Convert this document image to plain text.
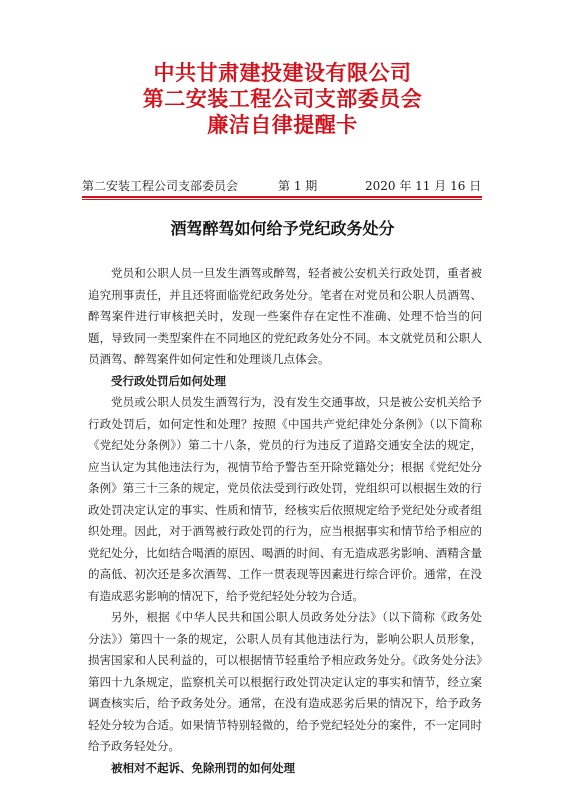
中共甘肃建投建设有限公司
第二安装工程公司支部委员会
廉洁自律提醒卡
第二安装工程公司支部委员会	第 1 期	2020 年 11 月 16 日
酒驾醉驾如何给予党纪政务处分

党员和公职人员一旦发生酒驾或醉驾，轻者被公安机关行政处罚，重者被追究刑事责任，并且还将面临党纪政务处分。笔者在对党员和公职人员酒驾、醉驾案件进行审核把关时，发现一些案件存在定性不准确、处理不恰当的问题，导致同一类型案件在不同地区的党纪政务处分不同。本文就党员和公职人员酒驾、醉驾案件如何定性和处理谈几点体会。

受行政处罚后如何处理

党员或公职人员发生酒驾行为，没有发生交通事故，只是被公安机关给予行政处罚后，如何定性和处理？按照《中国共产党纪律处分条例》（以下简称《党纪处分条例》）第二十八条，党员的行为违反了道路交通安全法的规定，应当认定为其他违法行为，视情节给予警告至开除党籍处分；根据《党纪处分条例》第三十三条的规定，党员依法受到行政处罚，党组织可以根据生效的行政处罚决定认定的事实、性质和情节，经核实后依照规定给予党纪处分或者组织处理。因此，对于酒驾被行政处罚的行为，应当根据事实和情节给予相应的党纪处分，比如结合喝酒的原因、喝酒的时间、有无造成恶劣影响、酒精含量的高低、初次还是多次酒驾、工作一贯表现等因素进行综合评价。通常，在没有造成恶劣影响的情况下，给予党纪轻处分较为合适。

另外，根据《中华人民共和国公职人员政务处分法》（以下简称《政务处分法》）第四十一条的规定，公职人员有其他违法行为，影响公职人员形象，损害国家和人民利益的，可以根据情节轻重给予相应政务处分。《政务处分法》第四十九条规定，监察机关可以根据行政处罚决定认定的事实和情节，经立案调查核实后，给予政务处分。通常，在没有造成恶劣后果的情况下，给予政务轻处分较为合适。如果情节特别轻微的，给予党纪轻处分的案件，不一定同时给予政务轻处分。

被相对不起诉、免除刑罚的如何处理
